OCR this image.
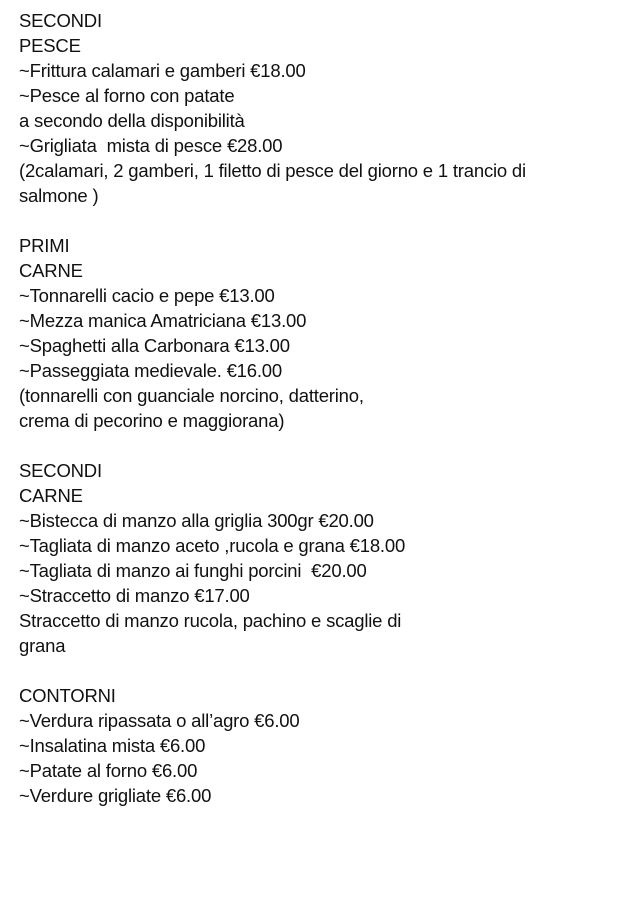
SECONDI
PESCE
~Frittura calamari e gamberi €18.00
~Pesce al forno con patate
a secondo della disponibilità
~Grigliata  mista di pesce €28.00
(2calamari, 2 gamberi, 1 filetto di pesce del giorno e 1 trancio di
salmone )
PRIMI
CARNE
~Tonnarelli cacio e pepe €13.00
~Mezza manica Amatriciana €13.00
~Spaghetti alla Carbonara €13.00
~Passeggiata medievale. €16.00
(tonnarelli con guanciale norcino, datterino,
crema di pecorino e maggiorana)
SECONDI
CARNE
~Bistecca di manzo alla griglia 300gr €20.00
~Tagliata di manzo aceto ,rucola e grana €18.00
~Tagliata di manzo ai funghi porcini  €20.00
~Straccetto di manzo €17.00
Straccetto di manzo rucola, pachino e scaglie di
grana
CONTORNI
~Verdura ripassata o all’agro €6.00
~Insalatina mista €6.00
~Patate al forno €6.00
~Verdure grigliate €6.00
